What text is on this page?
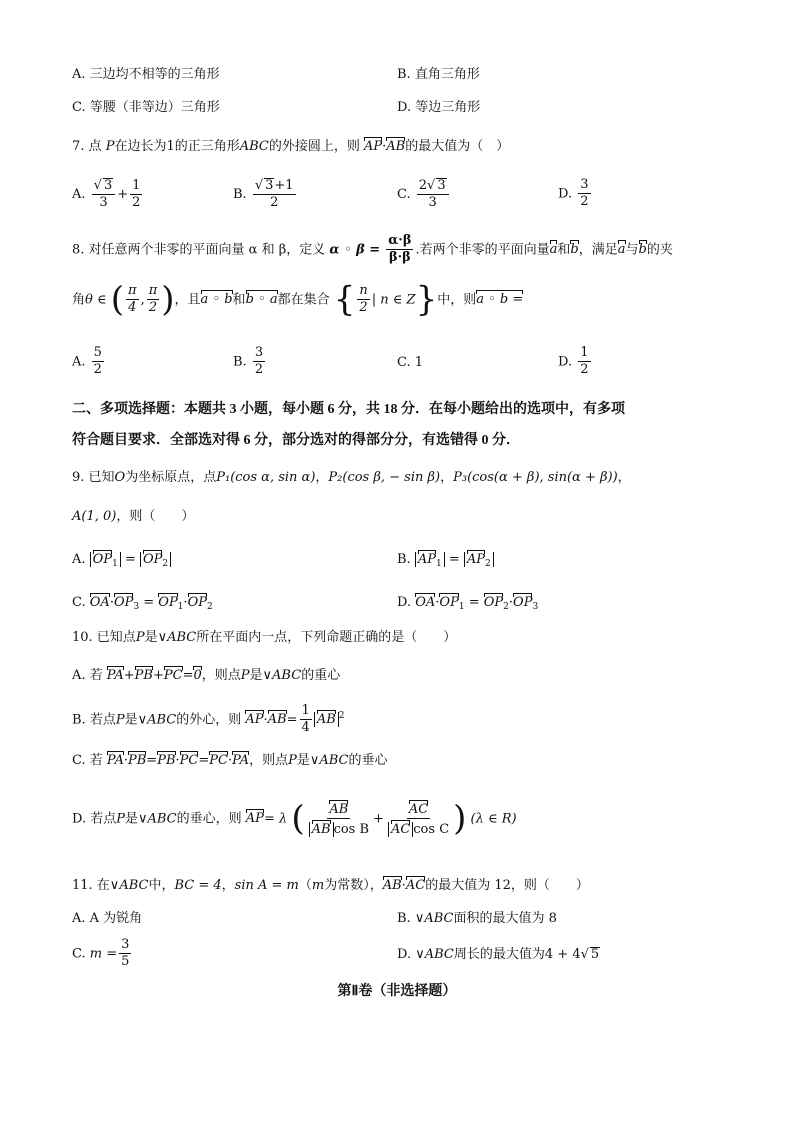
A. 三边均不相等的三角形	B. 直角三角形
C. 等腰（非等边）三角形	D. 等边三角形
7. 点 P在边长为1的正三角形ABC的外接圆上，则 AP·AB的最大值为（　）
A. $\frac{√ 3}{3} + \frac{1}{2}$	B. $\frac{√ 3+1}{2}$	C. $\frac{2√ 3}{3}$	D. $\frac{3}{2}$
8. 对任意两个非零的平面向量 α 和 β，定义 α ◦ $\beta = \frac{\alpha\cdot\beta}{\beta\cdot\beta}$ .若两个非零的平面向量a和b，满足a与b的夹
角θ ∈ ( $\frac{\pi}{4}$ , $\frac{\pi}{2}$ )，且a ◦ b和b ◦ a都在集合 { $\frac{n}{2}$ | n ∈ Z}中，则a ◦ b =
A. $\frac{5}{2}$	B. $\frac{3}{2}$	C. 1	D. $\frac{1}{2}$
二、多项选择题：本题共 3 小题，每小题 6 分，共 18 分．在每小题给出的选项中，有多项
符合题目要求．全部选对得 6 分，部分选对的得部分分，有选错得 0 分．
9. 已知O为坐标原点，点P₁(cos α, sin α)，P₂(cos β, − sin β)，P₃(cos(α + β), sin(α + β))，
A(1, 0)，则（　　）
A. $OP_1 = OP_2$	B. $AP_1 = AP_2$
C. $OA\cdot OP_3 = OP_1\cdot OP_2$	D. $OA\cdot OP_1 = OP_2\cdot OP_3$
10. 已知点P是∨ABC所在平面内一点，下列命题正确的是（　　）
A. 若 PA+PB+PC=0，则点P是∨ABC的重心
B. 若点P是∨ABC的外心，则 $AP\cdot AB= \frac{1}{4}$ AB $^2$
C. 若 PA·PB=PB·PC=PC·PA，则点P是∨ABC的垂心
D. 若点P是∨ABC的垂心，则 AP= λ ( $\frac{AB}{\text{AB cos B}} + \frac{AC}{\text{AC cos C}}$ ) (λ ∈ R)
11. 在∨ABC中，BC = 4，sin A = m（m为常数），AB·AC的最大值为 12，则（　　）
A. A 为锐角	B. ∨ABC面积的最大值为 8
C. $m = \frac{3}{5}$	D. ∨ABC周长的最大值为4 + 4√ 5
第Ⅱ卷（非选择题）
